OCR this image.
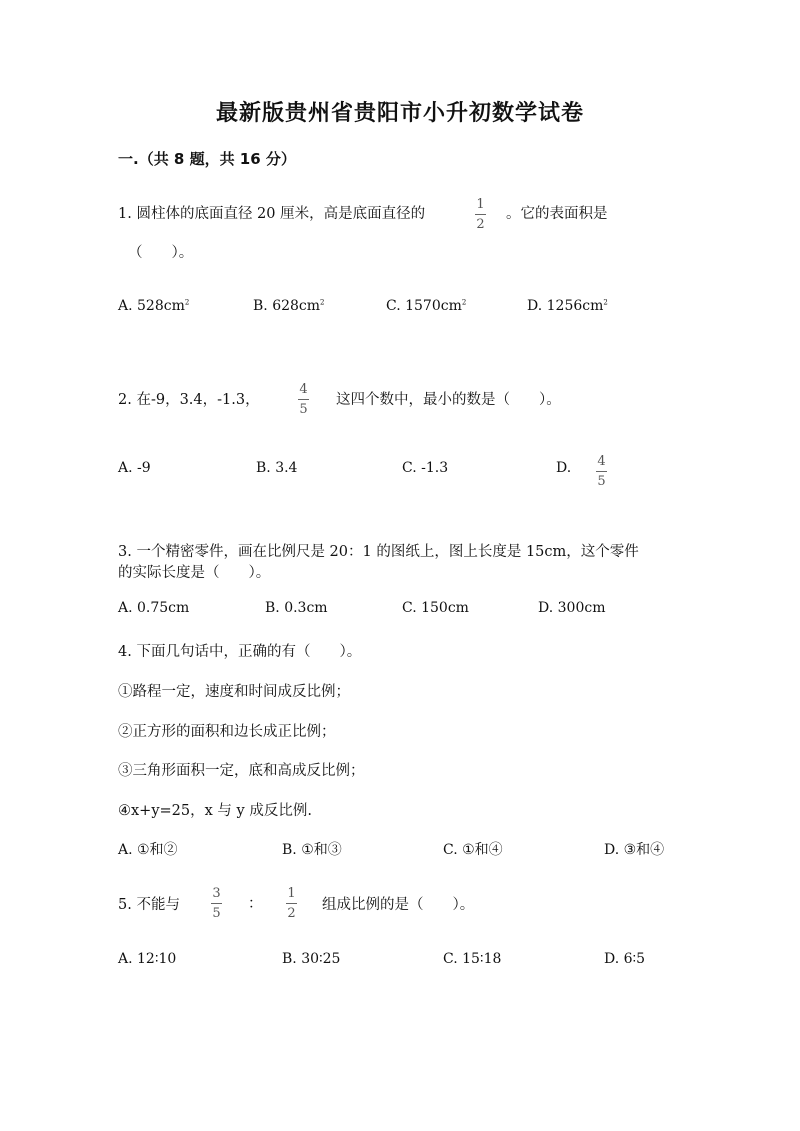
最新版贵州省贵阳市小升初数学试卷
一.（共 8 题，共 16 分）
1. 圆柱体的底面直径 20 厘米，高是底面直径的
1
2
。它的表面积是
（　　）。
A. $528cm^2$	B. $628cm^2$	C. $1570cm^2$	D. $1256cm^2$
2. 在-9，3.4，-1.3，
4
5
这四个数中，最小的数是（　　）。
A. -9	B. 3.4	C. -1.3	D. 4
5
3. 一个精密零件，画在比例尺是 20：1 的图纸上，图上长度是 15cm，这个零件
的实际长度是（　　）。
A. 0.75cm	B. 0.3cm	C. 150cm	D. 300cm
4. 下面几句话中，正确的有（　　）。
①路程一定，速度和时间成反比例；
②正方形的面积和边长成正比例；
③三角形面积一定，底和高成反比例；
④x+y=25，x 与 y 成反比例.
A. ①和②	B. ①和③	C. ①和④	D. ③和④
5. 不能与
3
5
：
1
2
组成比例的是（　　）。
A. 12∶10	B. 30∶25	C. 15∶18	D. 6∶5
